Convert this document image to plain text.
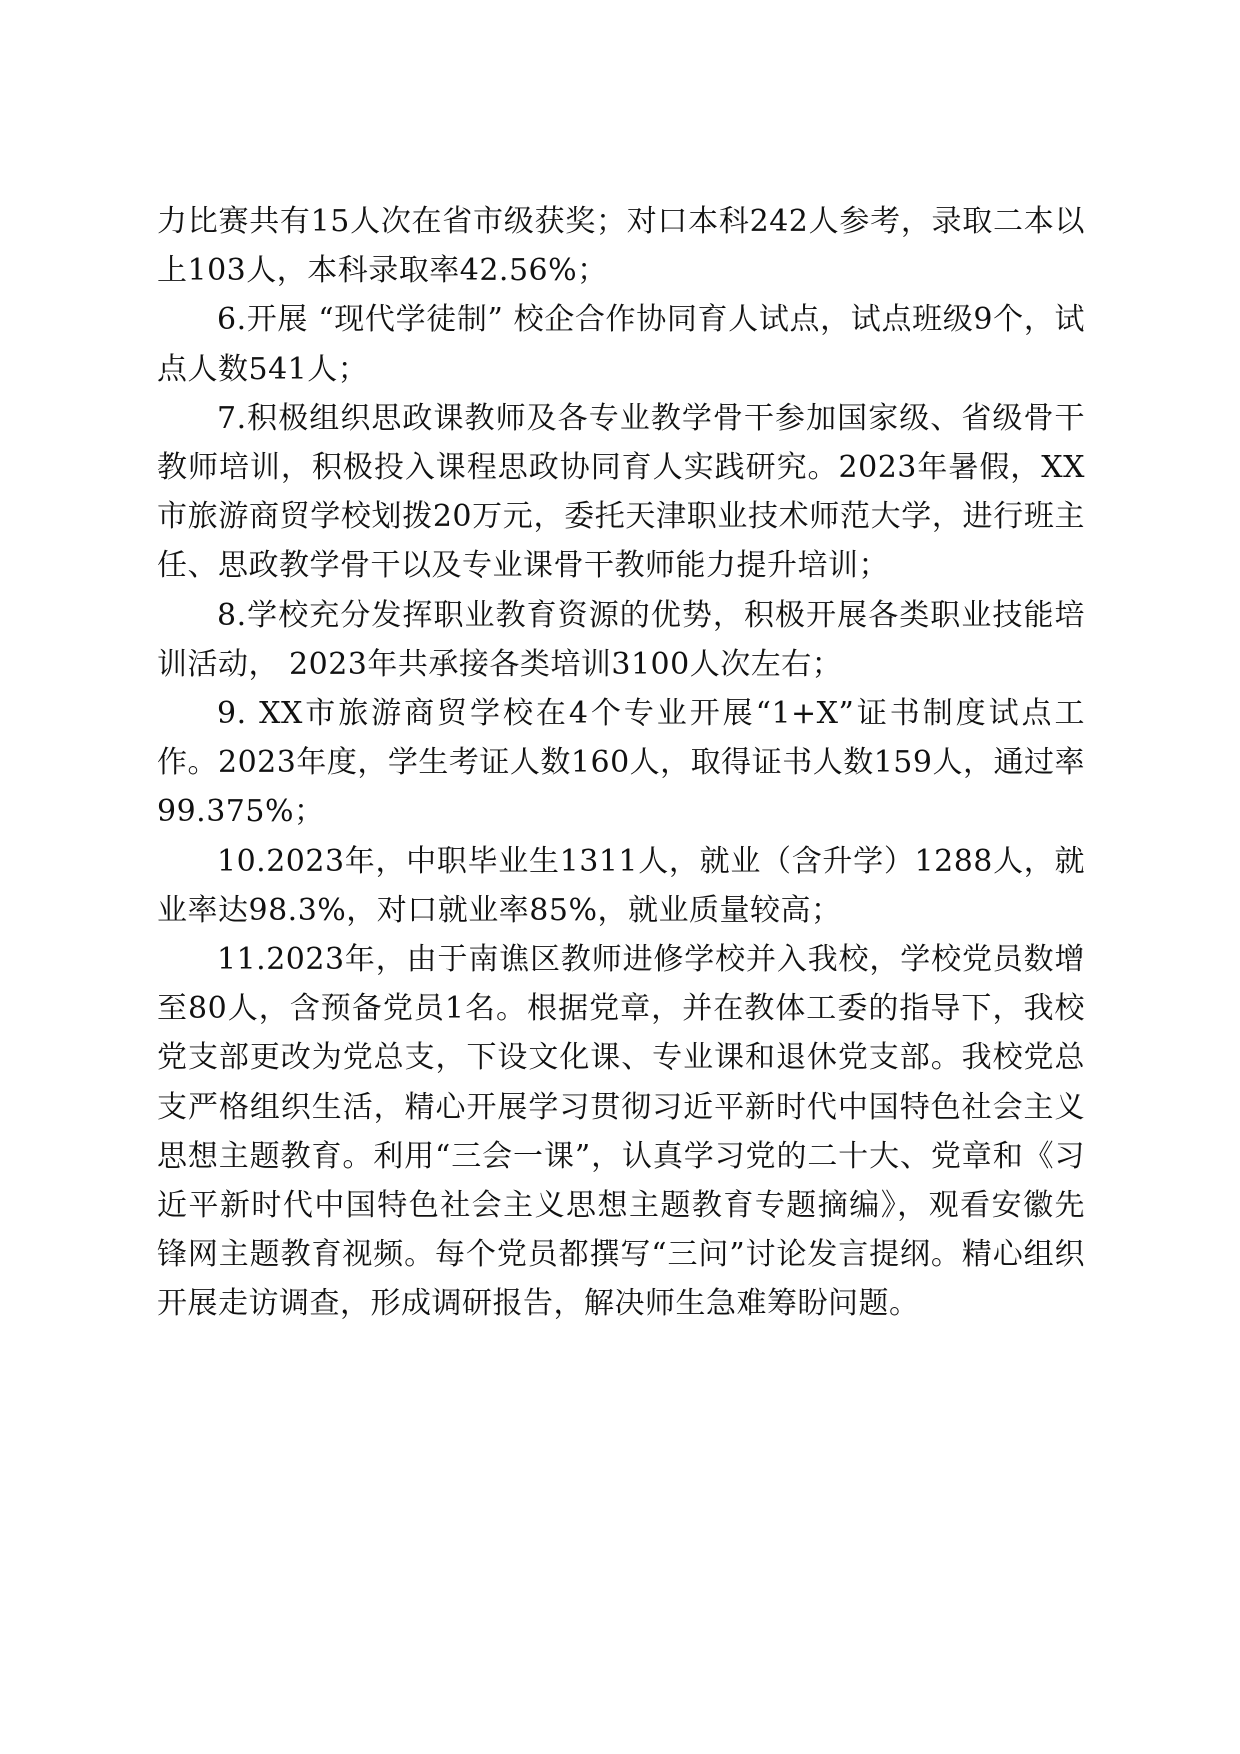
力比赛共有15人次在省市级获奖；对口本科242人参考，录取二本以上103人，本科录取率42.56%；

6.开展 “现代学徒制” 校企合作协同育人试点，试点班级9个，试点人数541人；

7.积极组织思政课教师及各专业教学骨干参加国家级、省级骨干教师培训，积极投入课程思政协同育人实践研究。2023年暑假，XX市旅游商贸学校划拨20万元，委托天津职业技术师范大学，进行班主任、思政教学骨干以及专业课骨干教师能力提升培训；

8.学校充分发挥职业教育资源的优势，积极开展各类职业技能培训活动， 2023年共承接各类培训3100人次左右；

9. XX市旅游商贸学校在4个专业开展“1+X”证书制度试点工作。2023年度，学生考证人数160人，取得证书人数159人，通过率99.375%；

10.2023年，中职毕业生1311人，就业（含升学）1288人，就业率达98.3%，对口就业率85%，就业质量较高；

11.2023年，由于南谯区教师进修学校并入我校，学校党员数增至80人，含预备党员1名。根据党章，并在教体工委的指导下，我校党支部更改为党总支，下设文化课、专业课和退休党支部。我校党总支严格组织生活，精心开展学习贯彻习近平新时代中国特色社会主义思想主题教育。利用“三会一课”，认真学习党的二十大、党章和《习近平新时代中国特色社会主义思想主题教育专题摘编》，观看安徽先锋网主题教育视频。每个党员都撰写“三问”讨论发言提纲。精心组织开展走访调查，形成调研报告，解决师生急难筹盼问题。
